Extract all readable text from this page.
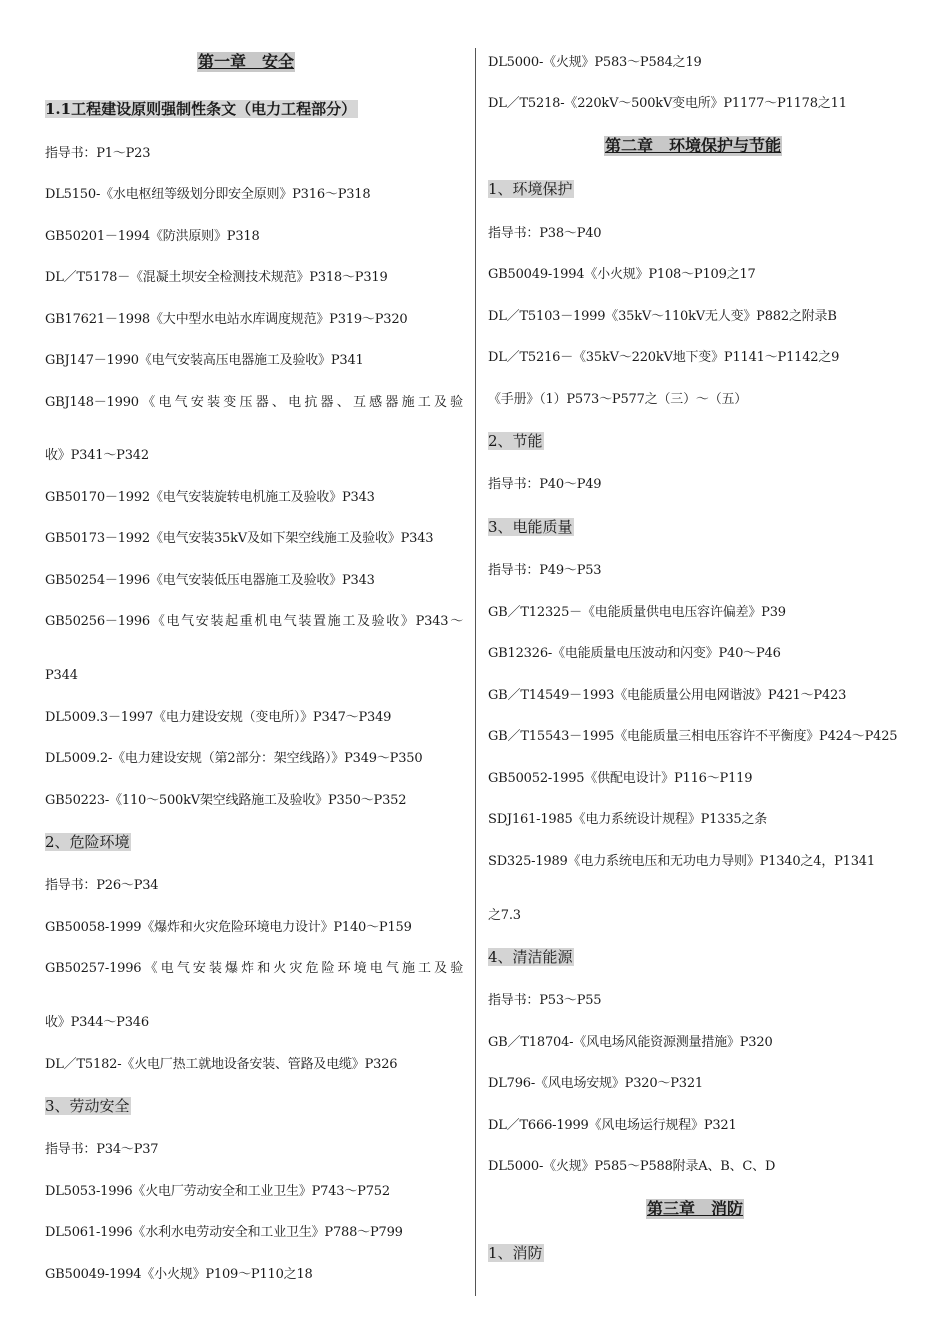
第一章　安全
1.1工程建设原则强制性条文（电力工程部分）
指导书：P1～P23
DL5150-《水电枢纽等级划分即安全原则》P316～P318
GB50201－1994《防洪原则》P318
DL／T5178－《混凝土坝安全检测技术规范》P318～P319
GB17621－1998《大中型水电站水库调度规范》P319～P320
GBJ147－1990《电气安装高压电器施工及验收》P341
GBJ148－1990《电气安装变压器、电抗器、互感器施工及验
收》P341～P342
GB50170－1992《电气安装旋转电机施工及验收》P343
GB50173－1992《电气安装35kV及如下架空线施工及验收》P343
GB50254－1996《电气安装低压电器施工及验收》P343
GB50256－1996《电气安装起重机电气装置施工及验收》P343～
P344
DL5009.3－1997《电力建设安规（变电所）》P347～P349
DL5009.2-《电力建设安规（第2部分：架空线路）》P349～P350
GB50223-《110～500kV架空线路施工及验收》P350～P352
2、危险环境
指导书：P26～P34
GB50058-1999《爆炸和火灾危险环境电力设计》P140～P159
GB50257-1996《电气安装爆炸和火灾危险环境电气施工及验
收》P344～P346
DL／T5182-《火电厂热工就地设备安装、管路及电缆》P326
3、劳动安全
指导书：P34～P37
DL5053-1996《火电厂劳动安全和工业卫生》P743～P752
DL5061-1996《水利水电劳动安全和工业卫生》P788～P799
GB50049-1994《小火规》P109～P110之18
DL5000-《火规》P583～P584之19
DL／T5218-《220kV～500kV变电所》P1177～P1178之11
第二章　环境保护与节能
1、环境保护
指导书：P38～P40
GB50049-1994《小火规》P108～P109之17
DL／T5103－1999《35kV～110kV无人变》P882之附录B
DL／T5216－《35kV～220kV地下变》P1141～P1142之9
《手册》（1）P573～P577之（三）～（五）
2、节能
指导书：P40～P49
3、电能质量
指导书：P49～P53
GB／T12325－《电能质量供电电压容许偏差》P39
GB12326-《电能质量电压波动和闪变》P40～P46
GB／T14549－1993《电能质量公用电网谐波》P421～P423
GB／T15543－1995《电能质量三相电压容许不平衡度》P424～P425
GB50052-1995《供配电设计》P116～P119
SDJ161-1985《电力系统设计规程》P1335之条
SD325-1989《电力系统电压和无功电力导则》P1340之4，P1341
之7.3
4、清洁能源
指导书：P53～P55
GB／T18704-《风电场风能资源测量措施》P320
DL796-《风电场安规》P320～P321
DL／T666-1999《风电场运行规程》P321
DL5000-《火规》P585～P588附录A、B、C、D
第三章　消防
1、消防
